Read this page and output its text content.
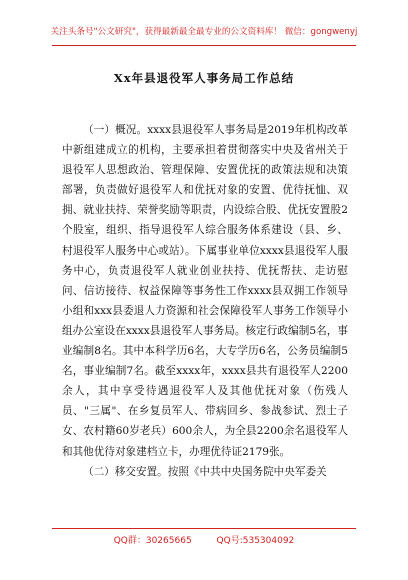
关注头条号"公文研究"，获得最新最全最专业的公文资料库！ 微信：gongwenyj
Xx年县退役军人事务局工作总结

（一）概况。xxxx县退役军人事务局是2019年机构改革中新组建成立的机构，主要承担着贯彻落实中央及省州关于退役军人思想政治、管理保障、安置优抚的政策法规和决策部署，负责做好退役军人和优抚对象的安置、优待抚恤、双拥、就业扶持、荣誉奖励等职责，内设综合股、优抚安置股2个股室，组织、指导退役军人综合服务体系建设（县、乡、村退役军人服务中心或站）。下属事业单位xxxx县退役军人服务中心，负责退役军人就业创业扶持、优抚帮扶、走访慰问、信访接待、权益保障等事务性工作xxxx县双拥工作领导小组和xxx县委退人力资源和社会保障役军人事务工作领导小组办公室设在xxxx县退役军人事务局。核定行政编制5名，事业编制8名。其中本科学历6名，大专学历6名，公务员编制5名，事业编制7名。截至xxxx年，xxxx县共有退役军人2200余人，其中享受待遇退役军人及其他优抚对象（伤残人员、"三属"、在乡复员军人、带病回乡、参战参试、烈士子女、农村籍60岁老兵）600余人，为全县2200余名退役军人和其他优待对象建档立卡，办理优待证2179张。

（二）移交安置。按照《中共中央国务院中央军委关

QQ群：30265665	QQ号:535304092
